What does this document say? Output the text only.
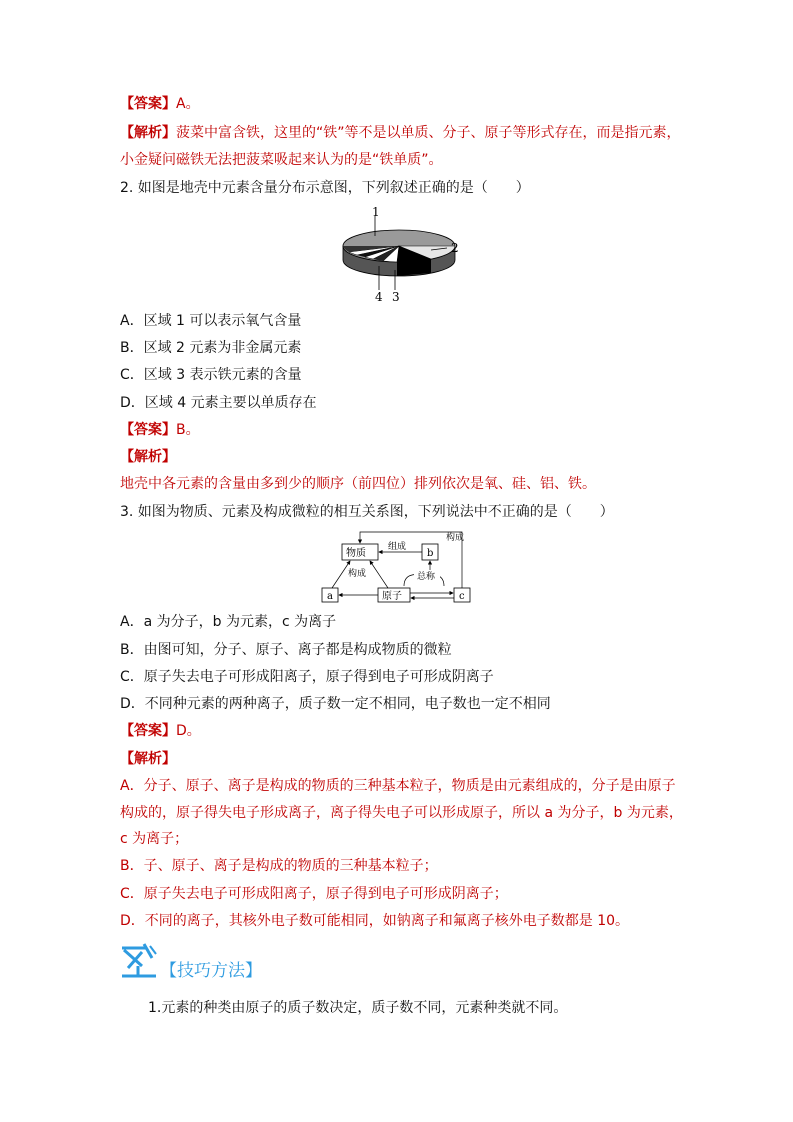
【答案】A。
【解析】菠菜中富含铁，这里的“铁”等不是以单质、分子、原子等形式存在，而是指元素，
小金疑问磁铁无法把菠菜吸起来认为的是“铁单质”。
2. 如图是地壳中元素含量分布示意图，下列叙述正确的是（　　）
1
2
3
4
A．区域 1 可以表示氧气含量
B．区域 2 元素为非金属元素
C．区域 3 表示铁元素的含量
D．区域 4 元素主要以单质存在
【答案】B。
【解析】
地壳中各元素的含量由多到少的顺序（前四位）排列依次是氧、硅、铝、铁。
3. 如图为物质、元素及构成微粒的相互关系图，下列说法中不正确的是（　　）
物质	b
a	原子	c
组成
构成
构成	总称
A．a 为分子，b 为元素，c 为离子
B．由图可知，分子、原子、离子都是构成物质的微粒
C．原子失去电子可形成阳离子，原子得到电子可形成阴离子
D．不同种元素的两种离子，质子数一定不相同，电子数也一定不相同
【答案】D。
【解析】
A．分子、原子、离子是构成的物质的三种基本粒子，物质是由元素组成的，分子是由原子
构成的，原子得失电子形成离子，离子得失电子可以形成原子，所以 a 为分子，b 为元素，
c 为离子；
B．子、原子、离子是构成的物质的三种基本粒子；
C．原子失去电子可形成阳离子，原子得到电子可形成阴离子；
D．不同的离子，其核外电子数可能相同，如钠离子和氟离子核外电子数都是 10。
【技巧方法】
1.元素的种类由原子的质子数决定，质子数不同，元素种类就不同。
